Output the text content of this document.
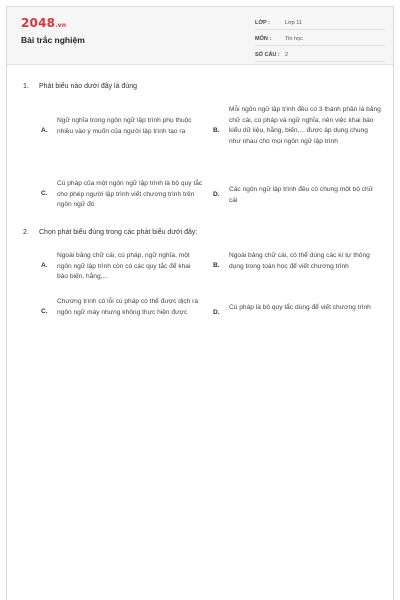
2048.vn
Bài trắc nghiệm
LỚP :	Lớp 11
MÔN :	Tin học
SỐ CÂU : 2
1. Phát biểu nào dưới đây là đúng
A.
Ngữ nghĩa trong ngôn ngữ lập trình phụ thuộc nhiều vào ý muốn của người lập trình tạo ra	B.
Mỗi ngôn ngữ lập trình đều có 3 thành phần là bảng chữ cái, cú pháp và ngữ nghĩa, nên việc khai báo kiểu dữ liệu, hằng, biến,... được áp dụng chung như nhau cho mọi ngôn ngữ lập trình
C.
Cú pháp của một ngôn ngữ lập trình là bộ quy tắc cho phép người lập trình viết chương trình trên ngôn ngữ đó
D.
Các ngôn ngữ lập trình đều có chung một bộ chữ cái
2. Chọn phát biểu đúng trong các phát biểu dưới đây:
A.
Ngoài bảng chữ cái, cú pháp, ngữ nghĩa, một ngôn ngữ lập trình còn có các quy tắc để khai báo biến, hằng,...
B.
Ngoài bảng chữ cái, có thể dùng các kí tự thông dụng trong toán học để viết chương trình
C.
Chương trình có lỗi cú pháp có thể được dịch ra ngôn ngữ máy nhưng không thực hiện được	D.
Cú pháp là bộ quy tắc dùng để viết chương trình
